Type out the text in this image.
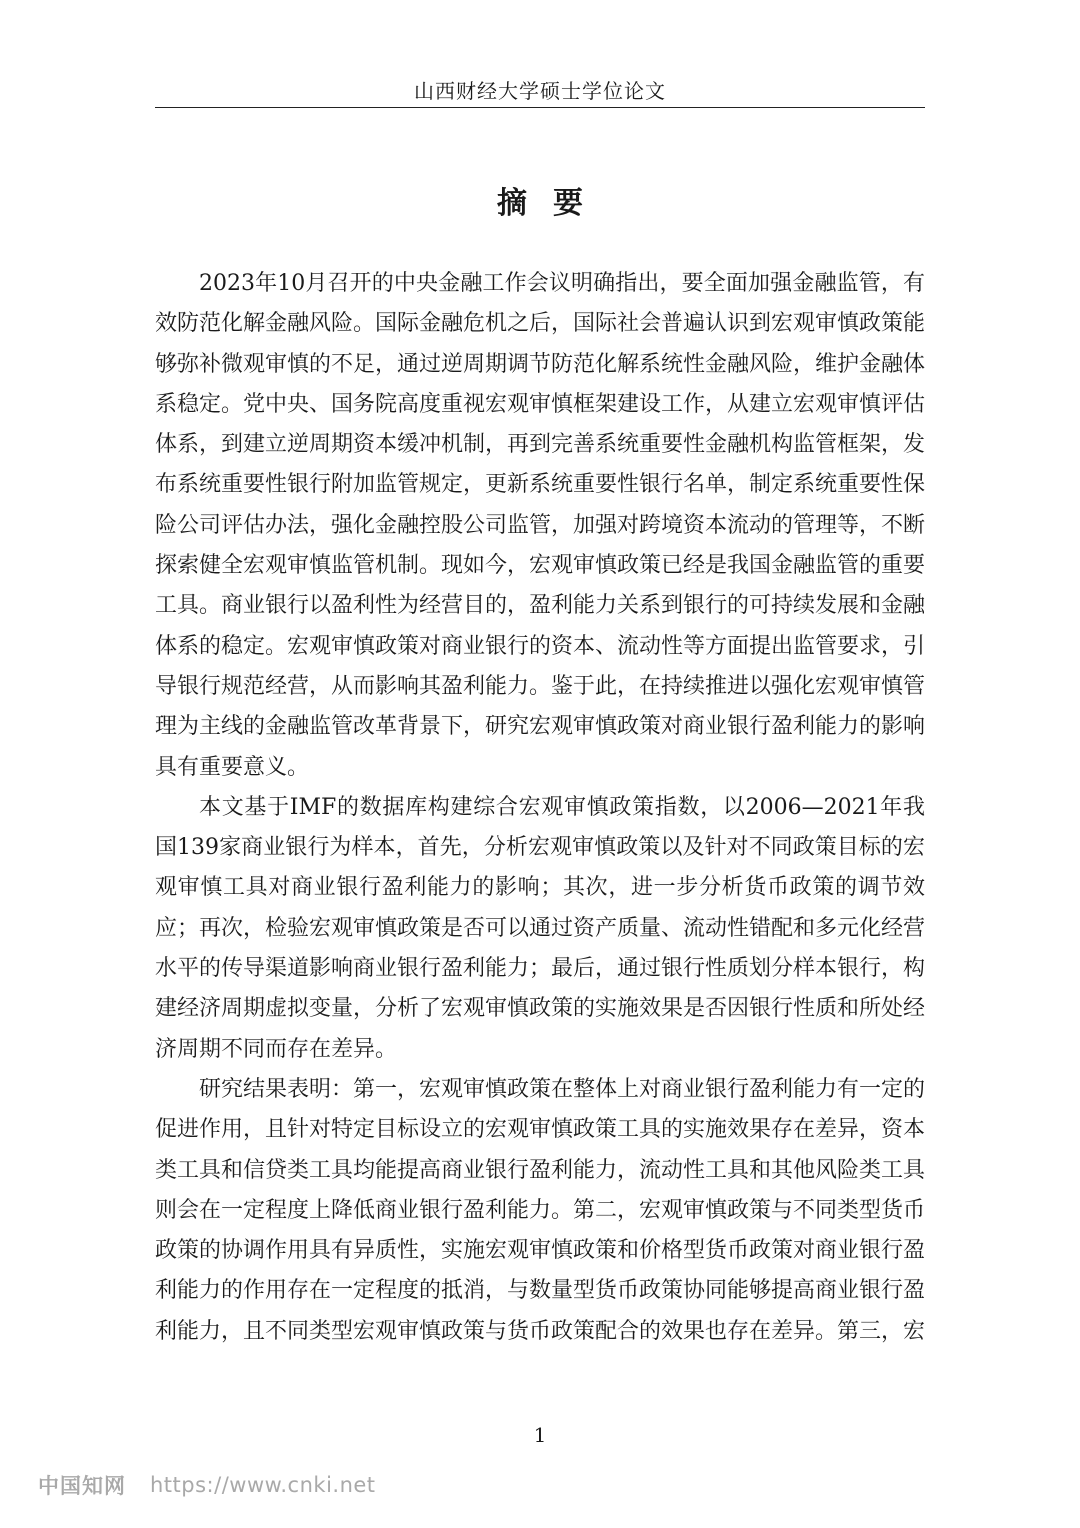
山西财经大学硕士学位论文
摘要

2023年10月召开的中央金融工作会议明确指出，要全面加强金融监管，有效防范化解金融风险。国际金融危机之后，国际社会普遍认识到宏观审慎政策能够弥补微观审慎的不足，通过逆周期调节防范化解系统性金融风险，维护金融体系稳定。党中央、国务院高度重视宏观审慎框架建设工作，从建立宏观审慎评估体系，到建立逆周期资本缓冲机制，再到完善系统重要性金融机构监管框架，发布系统重要性银行附加监管规定，更新系统重要性银行名单，制定系统重要性保险公司评估办法，强化金融控股公司监管，加强对跨境资本流动的管理等，不断探索健全宏观审慎监管机制。现如今，宏观审慎政策已经是我国金融监管的重要工具。商业银行以盈利性为经营目的，盈利能力关系到银行的可持续发展和金融体系的稳定。宏观审慎政策对商业银行的资本、流动性等方面提出监管要求，引导银行规范经营，从而影响其盈利能力。鉴于此，在持续推进以强化宏观审慎管理为主线的金融监管改革背景下，研究宏观审慎政策对商业银行盈利能力的影响具有重要意义。

本文基于IMF的数据库构建综合宏观审慎政策指数，以2006—2021年我国139家商业银行为样本，首先，分析宏观审慎政策以及针对不同政策目标的宏观审慎工具对商业银行盈利能力的影响；其次，进一步分析货币政策的调节效应；再次，检验宏观审慎政策是否可以通过资产质量、流动性错配和多元化经营水平的传导渠道影响商业银行盈利能力；最后，通过银行性质划分样本银行，构建经济周期虚拟变量，分析了宏观审慎政策的实施效果是否因银行性质和所处经济周期不同而存在差异。

研究结果表明：第一，宏观审慎政策在整体上对商业银行盈利能力有一定的促进作用，且针对特定目标设立的宏观审慎政策工具的实施效果存在差异，资本类工具和信贷类工具均能提高商业银行盈利能力，流动性工具和其他风险类工具则会在一定程度上降低商业银行盈利能力。第二，宏观审慎政策与不同类型货币政策的协调作用具有异质性，实施宏观审慎政策和价格型货币政策对商业银行盈利能力的作用存在一定程度的抵消，与数量型货币政策协同能够提高商业银行盈利能力，且不同类型宏观审慎政策与货币政策配合的效果也存在差异。第三，宏

1
中国知网 https://www.cnki.net
